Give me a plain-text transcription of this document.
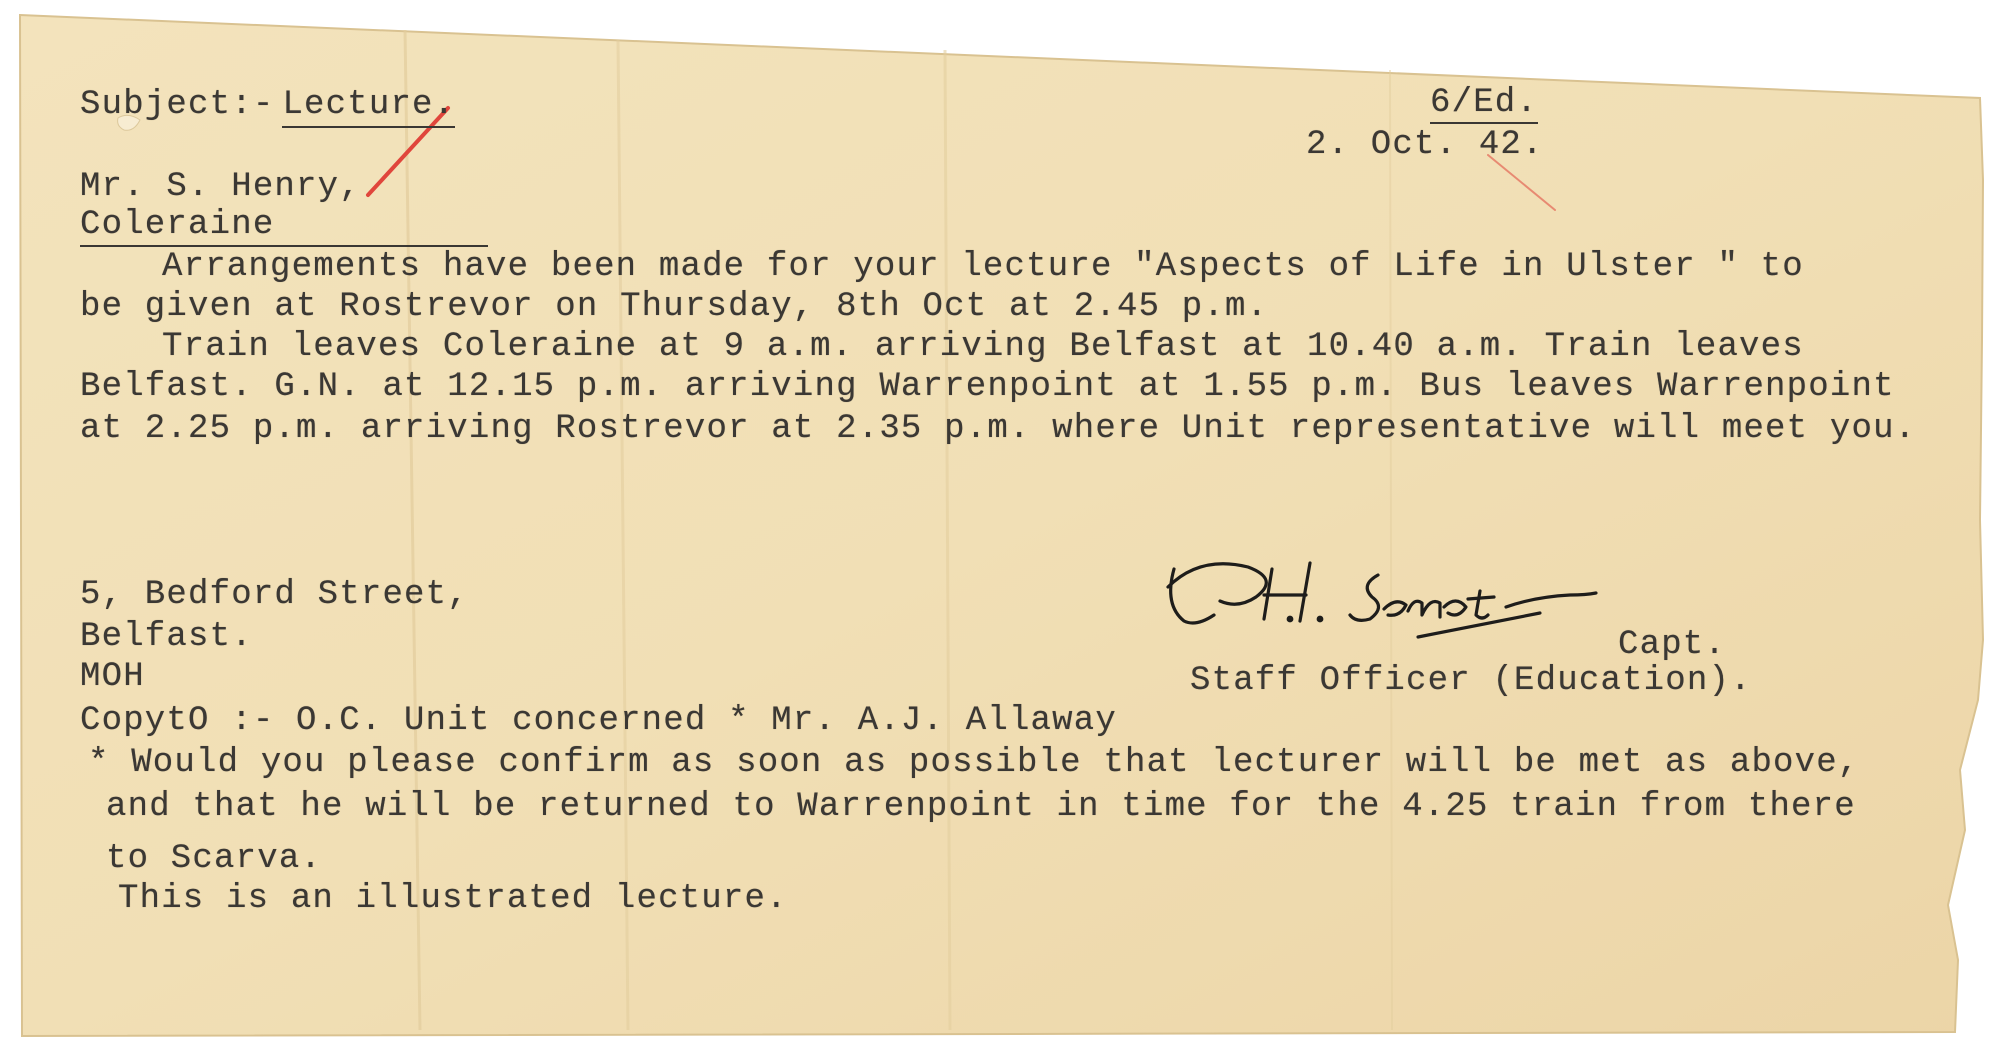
Subject:- Lecture.	6/Ed.
2. Oct. 42.
Mr. S. Henry,
Coleraine
Arrangements have been made for your lecture "Aspects of Life in Ulster " to
be given at Rostrevor on Thursday, 8th Oct at 2.45 p.m.
Train leaves Coleraine at 9 a.m. arriving Belfast at 10.40 a.m. Train leaves
Belfast. G.N. at 12.15 p.m. arriving Warrenpoint at 1.55 p.m. Bus leaves Warrenpoint
at 2.25 p.m. arriving Rostrevor at 2.35 p.m. where Unit representative will meet you.
5, Bedford Street,
Belfast.
MOH
Capt.
Staff Officer (Education).
CopytO :- O.C. Unit concerned * Mr. A.J. Allaway
* Would you please confirm as soon as possible that lecturer will be met as above,
and that he will be returned to Warrenpoint in time for the 4.25 train from there
to Scarva.
This is an illustrated lecture.
